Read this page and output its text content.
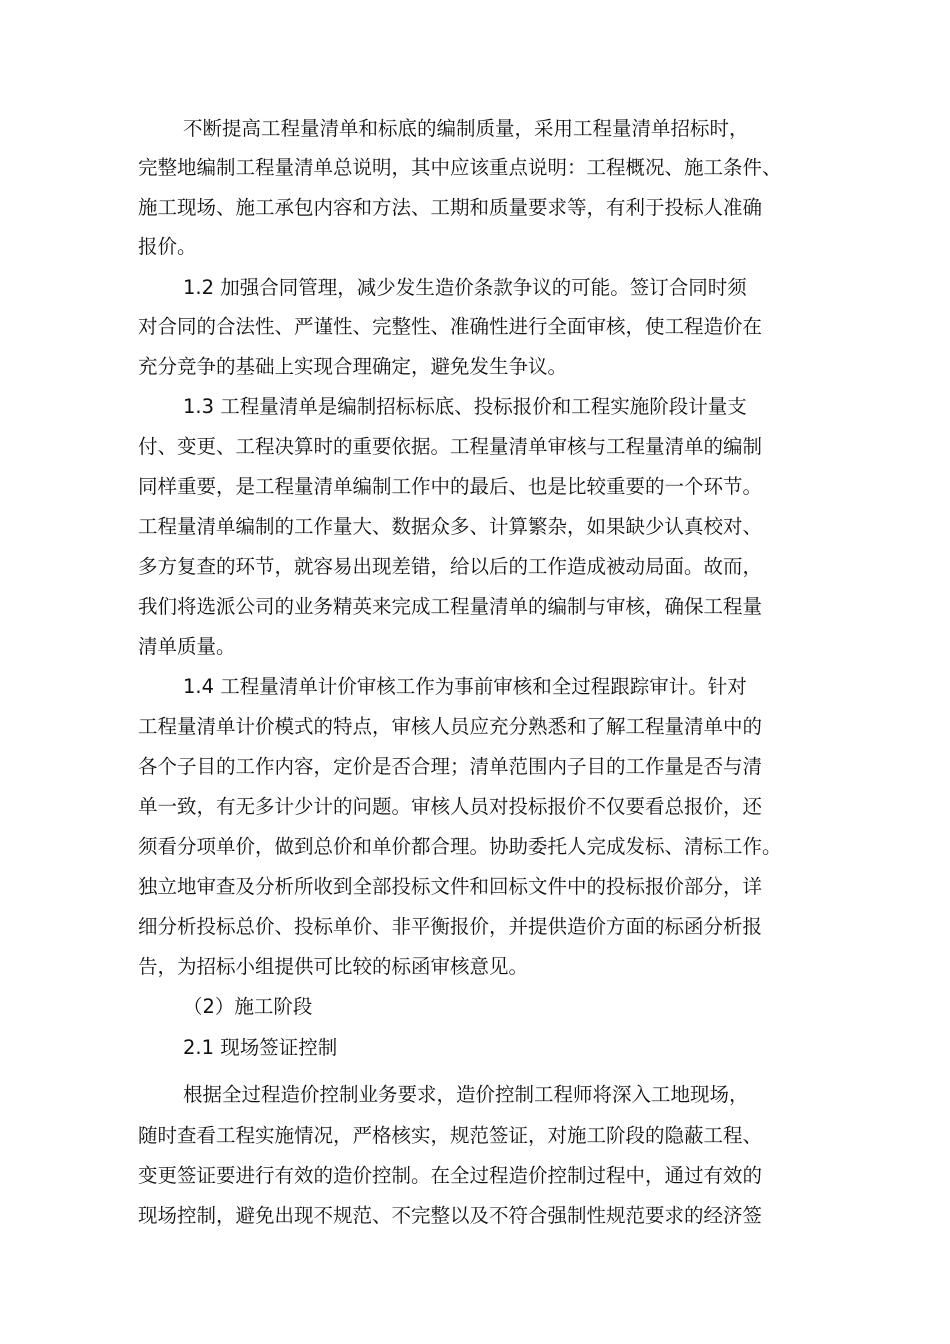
不断提高工程量清单和标底的编制质量，采用工程量清单招标时，
完整地编制工程量清单总说明，其中应该重点说明：工程概况、施工条件、
施工现场、施工承包内容和方法、工期和质量要求等，有利于投标人准确
报价。
1.2 加强合同管理，减少发生造价条款争议的可能。签订合同时须
对合同的合法性、严谨性、完整性、准确性进行全面审核，使工程造价在
充分竞争的基础上实现合理确定，避免发生争议。
1.3 工程量清单是编制招标标底、投标报价和工程实施阶段计量支
付、变更、工程决算时的重要依据。工程量清单审核与工程量清单的编制
同样重要，是工程量清单编制工作中的最后、也是比较重要的一个环节。
工程量清单编制的工作量大、数据众多、计算繁杂，如果缺少认真校对、
多方复查的环节，就容易出现差错，给以后的工作造成被动局面。故而，
我们将选派公司的业务精英来完成工程量清单的编制与审核，确保工程量
清单质量。
1.4 工程量清单计价审核工作为事前审核和全过程跟踪审计。针对
工程量清单计价模式的特点，审核人员应充分熟悉和了解工程量清单中的
各个子目的工作内容，定价是否合理；清单范围内子目的工作量是否与清
单一致，有无多计少计的问题。审核人员对投标报价不仅要看总报价，还
须看分项单价，做到总价和单价都合理。协助委托人完成发标、清标工作。
独立地审查及分析所收到全部投标文件和回标文件中的投标报价部分，详
细分析投标总价、投标单价、非平衡报价，并提供造价方面的标函分析报
告，为招标小组提供可比较的标函审核意见。
（2）施工阶段
2.1 现场签证控制
根据全过程造价控制业务要求，造价控制工程师将深入工地现场，
随时查看工程实施情况，严格核实，规范签证，对施工阶段的隐蔽工程、
变更签证要进行有效的造价控制。在全过程造价控制过程中，通过有效的
现场控制，避免出现不规范、不完整以及不符合强制性规范要求的经济签
